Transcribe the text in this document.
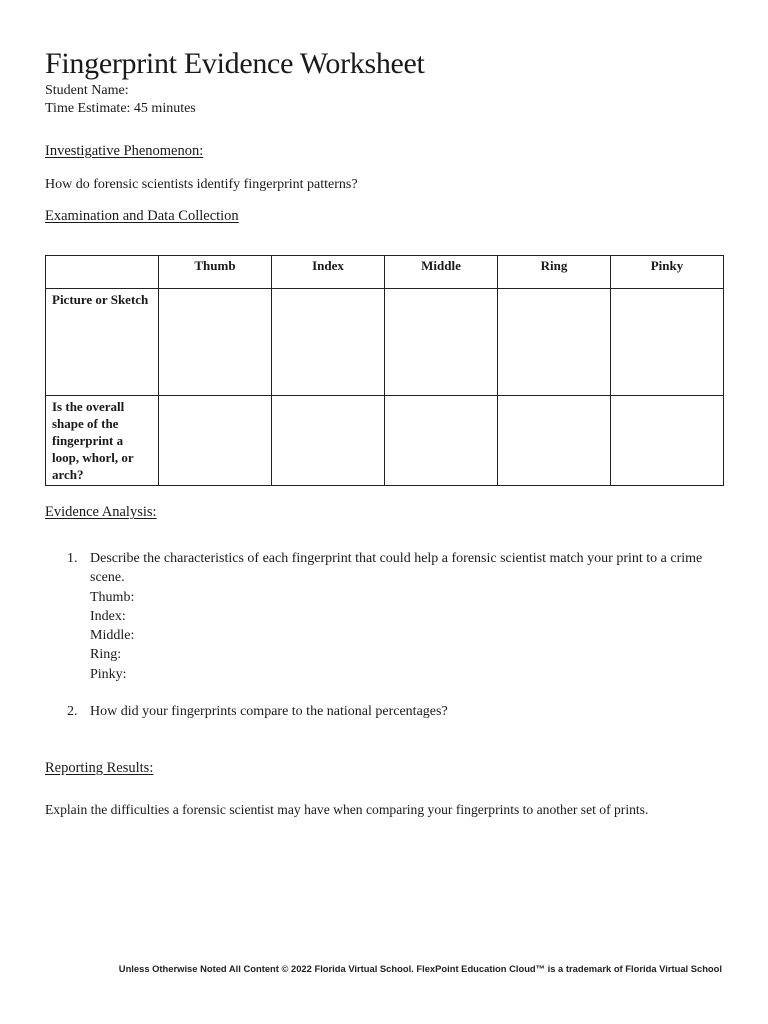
Fingerprint Evidence Worksheet
Student Name:
Time Estimate: 45 minutes
Investigative Phenomenon:
How do forensic scientists identify fingerprint patterns?
Examination and Data Collection
	Thumb	Index	Middle	Ring	Pinky
Picture or Sketch					
Is the overall shape of the fingerprint a loop, whorl, or arch?					
Evidence Analysis:
1. Describe the characteristics of each fingerprint that could help a forensic scientist match your print to a crime scene.
Thumb:
Index:
Middle:
Ring:
Pinky:
2. How did your fingerprints compare to the national percentages?
Reporting Results:
Explain the difficulties a forensic scientist may have when comparing your fingerprints to another set of prints.
Unless Otherwise Noted All Content © 2022 Florida Virtual School. FlexPoint Education Cloud™ is a trademark of Florida Virtual School
